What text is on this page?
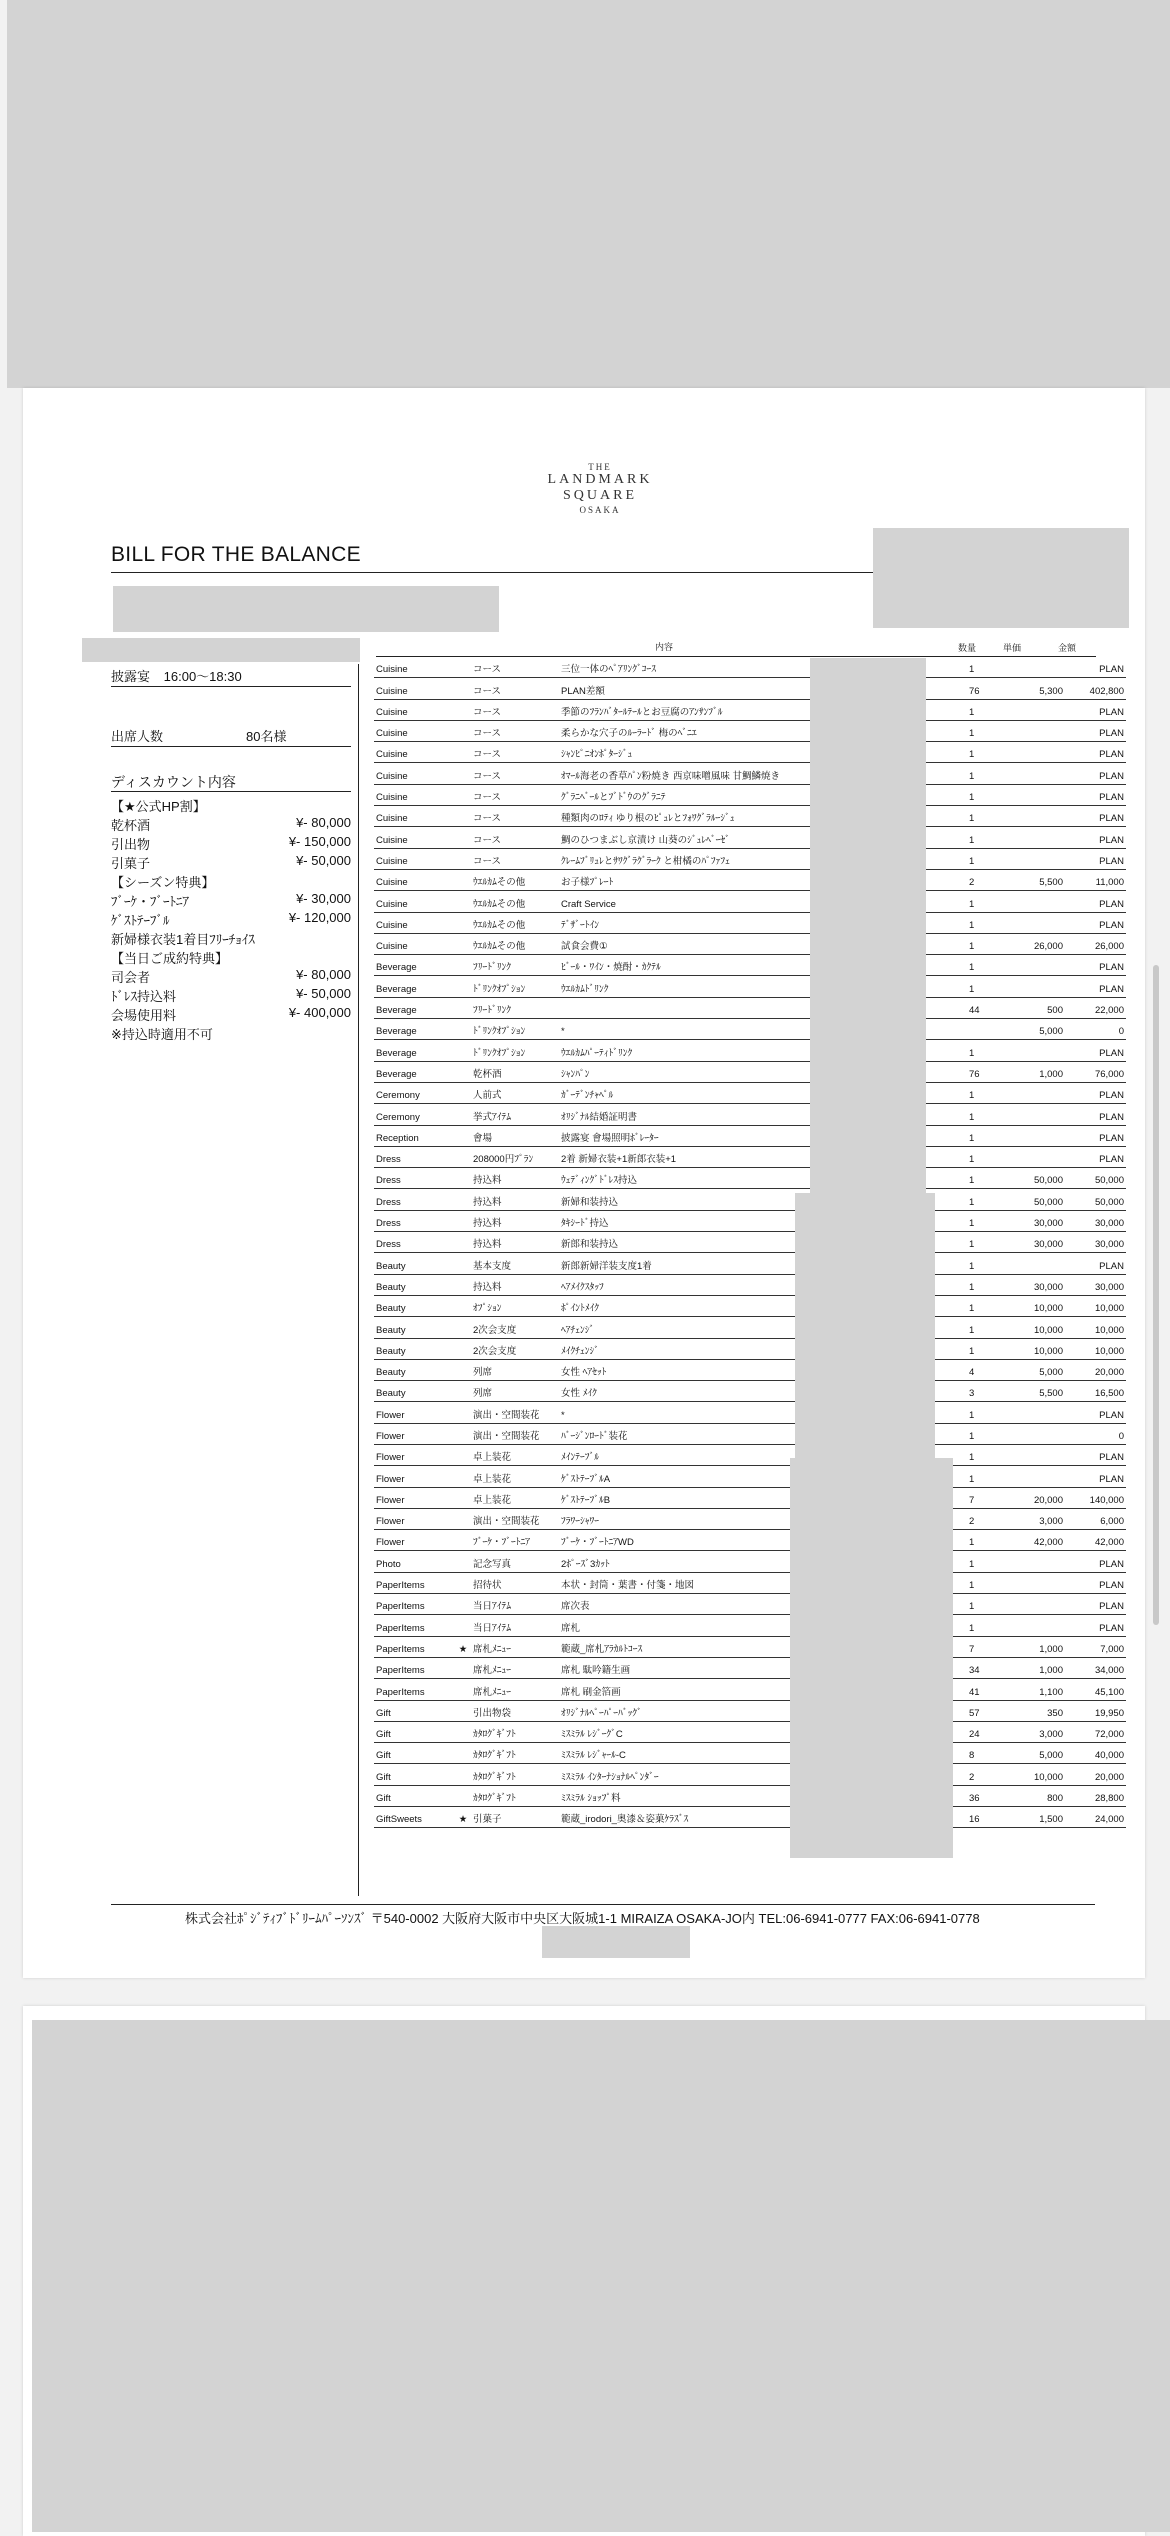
THE
LANDMARK
SQUARE
OSAKA
BILL FOR THE BALANCE
披露宴 16:00～18:30
出席人数	80名様
ディスカウント内容
【★公式HP割】
乾杯酒	¥- 80,000
引出物	¥- 150,000
引菓子	¥- 50,000
【シーズン特典】
ﾌﾞｰｹ・ﾌﾞｰﾄﾆｱ	¥- 30,000
ｹﾞｽﾄﾃｰﾌﾞﾙ	¥- 120,000
新婦様衣装1着目ﾌﾘｰﾁｮｲｽ
【当日ご成約特典】
司会者	¥- 80,000
ﾄﾞﾚｽ持込料	¥- 50,000
会場使用料	¥- 400,000
※持込時適用不可
内容	数量	単価	金額
Cuisine		コース	三位一体のﾍﾟｱﾘﾝｸﾞｺｰｽ		1		PLAN
Cuisine		コース	PLAN差額		76	5,300	402,800
Cuisine		コース	季節のﾌﾗﾝﾊﾞﾀｰﾙﾃｰﾙとお豆腐のｱﾝｻﾝﾌﾞﾙ		1		PLAN
Cuisine		コース	柔らかな穴子のﾙｰﾗｰﾄﾞ 梅のﾍﾞﾆｴ		1		PLAN
Cuisine		コース	ｼｬﾝﾋﾟﾆｵﾝﾎﾟﾀｰｼﾞｭ		1		PLAN
Cuisine		コース	ｵﾏｰﾙ海老の香草ﾊﾟﾝ粉焼き 西京味噌風味 甘鯛鱗焼き		1		PLAN
Cuisine		コース	ｸﾞﾗﾆﾍﾞｰﾙとﾌﾞﾄﾞｳのｸﾞﾗﾆﾃ		1		PLAN
Cuisine		コース	種類肉のﾛﾃｨ ゆり根のﾋﾟｭﾚとﾌｫﾜｸﾞﾗﾙｰｼﾞｭ		1		PLAN
Cuisine		コース	鯛のひつまぶし京漬け 山葵のｼﾞｭﾚﾍﾞｰｾﾞ		1		PLAN
Cuisine		コース	ｸﾚｰﾑﾌﾞﾘｭﾚとｻﾜｸﾞﾗｸﾞﾗｰｸ と柑橘のﾊﾟﾌｧﾌｪ		1		PLAN
Cuisine		ｳｴﾙｶﾑその他	お子様ﾌﾟﾚｰﾄ		2	5,500	11,000
Cuisine		ｳｴﾙｶﾑその他	Craft Service		1		PLAN
Cuisine		ｳｴﾙｶﾑその他	ﾃﾞｻﾞｰﾄｲﾝ		1		PLAN
Cuisine		ｳｴﾙｶﾑその他	試食会費①		1	26,000	26,000
Beverage		ﾌﾘｰﾄﾞﾘﾝｸ	ﾋﾞｰﾙ・ﾜｲﾝ・焼酎・ｶｸﾃﾙ		1		PLAN
Beverage		ﾄﾞﾘﾝｸｵﾌﾟｼｮﾝ	ｳｴﾙｶﾑﾄﾞﾘﾝｸ		1		PLAN
Beverage		ﾌﾘｰﾄﾞﾘﾝｸ			44	500	22,000
Beverage		ﾄﾞﾘﾝｸｵﾌﾟｼｮﾝ	*			5,000	0
Beverage		ﾄﾞﾘﾝｸｵﾌﾟｼｮﾝ	ｳｴﾙｶﾑﾊﾟｰﾃｨﾄﾞﾘﾝｸ		1		PLAN
Beverage		乾杯酒	ｼｬﾝﾊﾟﾝ		76	1,000	76,000
Ceremony		人前式	ｶﾞｰﾃﾞﾝﾁｬﾍﾟﾙ		1		PLAN
Ceremony		挙式ｱｲﾃﾑ	ｵﾘｼﾞﾅﾙ結婚証明書		1		PLAN
Reception		會場	披露宴 會場照明ﾎﾞﾚｰﾀｰ		1		PLAN
Dress		208000円ﾌﾟﾗﾝ	2着 新婦衣装+1新郎衣装+1		1		PLAN
Dress		持込料	ｳｪﾃﾞｨﾝｸﾞﾄﾞﾚｽ持込		1	50,000	50,000
Dress		持込料	新婦和装持込		1	50,000	50,000
Dress		持込料	ﾀｷｼｰﾄﾞ持込		1	30,000	30,000
Dress		持込料	新郎和装持込		1	30,000	30,000
Beauty		基本支度	新郎新婦洋装支度1着		1		PLAN
Beauty		持込料	ﾍｱﾒｲｸｽﾀｯﾌ		1	30,000	30,000
Beauty		ｵﾌﾟｼｮﾝ	ﾎﾟｲﾝﾄﾒｲｸ		1	10,000	10,000
Beauty		2次会支度	ﾍｱﾁｪﾝｼﾞ		1	10,000	10,000
Beauty		2次会支度	ﾒｲｸﾁｪﾝｼﾞ		1	10,000	10,000
Beauty		列席	女性 ﾍｱｾｯﾄ		4	5,000	20,000
Beauty		列席	女性 ﾒｲｸ		3	5,500	16,500
Flower		演出・空間装花	*		1		PLAN
Flower		演出・空間装花	ﾊﾞｰｼﾞﾝﾛｰﾄﾞ装花		1		0
Flower		卓上装花	ﾒｲﾝﾃｰﾌﾞﾙ		1		PLAN
Flower		卓上装花	ｹﾞｽﾄﾃｰﾌﾞﾙA		1		PLAN
Flower		卓上装花	ｹﾞｽﾄﾃｰﾌﾞﾙB		7	20,000	140,000
Flower		演出・空間装花	ﾌﾗﾜｰｼｬﾜｰ		2	3,000	6,000
Flower		ﾌﾞｰｹ・ﾌﾞｰﾄﾆｱ	ﾌﾞｰｹ・ﾌﾞｰﾄﾆｱWD		1	42,000	42,000
Photo		記念写真	2ﾎﾟｰｽﾞ3ｶｯﾄ		1		PLAN
PaperItems		招待状	本状・封筒・葉書・付箋・地図		1		PLAN
PaperItems		当日ｱｲﾃﾑ	席次表		1		PLAN
PaperItems		当日ｱｲﾃﾑ	席札		1		PLAN
PaperItems	★	席札ﾒﾆｭｰ	範蔵_席札ｱﾗｶﾙﾄｺｰｽ		7	1,000	7,000
PaperItems		席札ﾒﾆｭｰ	席札 駄吟籍生画		34	1,000	34,000
PaperItems		席札ﾒﾆｭｰ	席札 刷金箔画		41	1,100	45,100
Gift		引出物袋	ｵﾘｼﾞﾅﾙﾍﾟｰﾊﾟｰﾊﾞｯｸﾞ		57	350	19,950
Gift		ｶﾀﾛｸﾞｷﾞﾌﾄ	ﾐｽﾐﾗﾙ ﾚｼﾞｰｸﾞC		24	3,000	72,000
Gift		ｶﾀﾛｸﾞｷﾞﾌﾄ	ﾐｽﾐﾗﾙ ﾚｼﾞｬｰﾙ-C		8	5,000	40,000
Gift		ｶﾀﾛｸﾞｷﾞﾌﾄ	ﾐｽﾐﾗﾙ ｲﾝﾀｰﾅｼｮﾅﾙﾍﾟﾝﾀﾞｰ		2	10,000	20,000
Gift		ｶﾀﾛｸﾞｷﾞﾌﾄ	ﾐｽﾐﾗﾙ ｼｮｯﾌﾟ料		36	800	28,800
GiftSweets	★	引菓子	範蔵_irodori_奥漆＆姿菓ｹﾗｽﾞｽ		16	1,500	24,000
株式会社ﾎﾟｼﾞﾃｨﾌﾞﾄﾞﾘｰﾑﾊﾟｰｿﾝｽﾞ 〒540-0002 大阪府大阪市中央区大阪城1-1 MIRAIZA OSAKA-JO内 TEL:06-6941-0777 FAX:06-6941-0778
